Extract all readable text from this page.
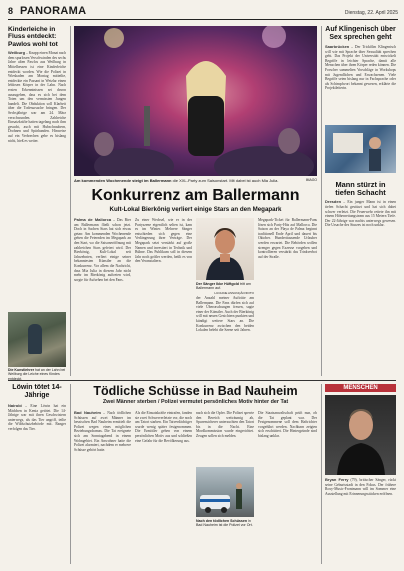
8 PANORAMA	Dienstag, 22. April 2025
Kinderleiche in Fluss entdeckt: Pawlos wohl tot
Weilburg – Knapp einen Monat nach dem spurlosen Verschwinden des sechs Jahre alten Pawlos aus Weilburg in Mittelhessen ist eine Kinderleiche entdeckt worden. Wie die Polizei in Wiesbaden am Montag mitteilte, entdeckte ein Passant in Wetzlar einen leblosen Körper in der Lahn. Nach ersten Erkenntnissen sei davon auszugehen, dass es sich bei dem Toten um den vermissten Jungen handelt. Die Obduktion soll Klarheit über die Todesursache bringen. Der Sechsjährige war am 24. März verschwunden. Zahlreiche Einsatzkräfte hatten tagelang nach ihm gesucht, auch mit Hubschraubern, Drohnen und Spürhunden. Hinweise auf ein Verbrechen gebe es bislang nicht, hieß es weiter.
Die Kunstlehrer hat an der Lahn bei Weilburg die Leiche eines Kindes entdeckt.
Am kommenden Wochenende steigt im Ballermann die XXL-Party zum Saisonstart. Mit dabei ist auch Mia Julia.	IMAGO
Konkurrenz am Ballermann
Kult-Lokal Bierkönig verliert einige Stars an den Megapark
Palma de Mallorca – Das Bier am Ballermann fließt schon jetzt. Doch in Sachen Stars hat sich etwas getan: Am kommenden Wochenende gehen die Feiernden im Megapark an den Start, wo die Saisoneröffnung mit zahlreichen Stars gefeiert wird. Der Bierkönig, Kult-Lokal seit Jahrzehnten, verliert einige seiner bekanntesten Künstler an die Konkurrenz. Vor allem die Nachricht, dass Mia Julia in diesem Jahr nicht mehr im Bierkönig auftreten wird, sorgte für Aufsehen bei den Fans.
Zu einer Wechsel, wie er in der Partyszene eigentlich selten ist, kam es im Winter. Mehrere Sänger entschieden sich gegen eine Verlängerung ihrer Verträge. Der Megapark setzt verstärkt auf große Namen und investiert in Technik und Bühne. Das Publikum soll in diesem Jahr noch größer werden, heißt es von den Veranstaltern.
Der Sänger Ikke Hüftgold tritt am Ballermann auf.
LUCIANE ASSUNÇÃO/FOTO
der Anzahl meiner Auftritte am Ballermann. Die Fans dürfen sich auf viele Überraschungen freuen, sagte einer der Künstler. Auch der Bierkönig will mit neuen Gesichtern punkten und kündigt weitere Stars an. Die Konkurrenz zwischen den beiden Lokalen belebt die Szene seit Jahren.
Megapark-Ticket für Ballermann-Fans lösen sich Party-Hits auf Mallorca. Die Saison an der Playa de Palma beginnt traditionell Ende April und dauert bis Oktober. Hunderttausende Urlauber werden erwartet. Die Behörden wollen strenger gegen Exzesse vorgehen und kontrollieren verstärkt das Trinkverbot auf der Straße.
Auf Klingenisch über Sex sprechen geht
Saarbrücken – Der Trickfilm Klingenisch will wie mit Sprache über Sexualität sprechen geht. Das Projekt der Universität entwickelt Begriffe in leichter Sprache, damit alle Menschen über ihren Körper reden können. Die Forscher sammelten Vorschläge in Workshops mit Jugendlichen und Erwachsenen. Viele Begriffe seien bislang nur in Fachsprache oder als Schimpfwort bekannt gewesen, erklärte die Projektleiterin.
Mann stürzt in tiefen Schacht
Dresden – Ein junger Mann ist in einen tiefen Schacht gestürzt und hat sich dabei schwer verletzt. Die Feuerwehr rettete ihn mit einem Höhenrettungsteam aus 15 Metern Tiefe. Der 22-Jährige war nachts unterwegs gewesen. Die Ursache des Sturzes ist noch unklar.
Löwin tötet 14-Jährige
Nairobi – Eine Löwin hat ein Mädchen in Kenia getötet. Die 14-Jährige war mit ihren Geschwistern unterwegs, als das Tier angriff, teilte die Wildschutzbehörde mit. Ranger verfolgen das Tier.
Tödliche Schüsse in Bad Nauheim
Zwei Männer sterben / Polizei vermutet persönliches Motiv hinter der Tat
Bad Nauheim – Nach tödlichen Schüssen auf zwei Männer im hessischen Bad Nauheim ermittelt die Polizei wegen eines möglichen Beziehungsdramas. Die Tat ereignete sich am Sonntagabend in einem Wohngebiet. Ein Anwohner hatte die Polizei alarmiert, nachdem er mehrere Schüsse gehört hatte.
Als die Einsatzkräfte eintrafen, fanden sie zwei Schwerverletzte vor, die noch am Tatort starben. Ein Tatverdächtiger wurde wenig später festgenommen. Die Ermittler gehen von einem persönlichen Motiv aus und schließen eine Gefahr für die Bevölkerung aus.
nach sich die Opfer. Die Polizei sperrte den Bereich weiträumig ab, Spurensicherer untersuchten den Tatort bis in die Nacht. Eine Mordkommission wurde eingerichtet. Zeugen sollen sich melden.
Nach den tödlichen Schüssen in Bad Nauheim ist die Polizei vor Ort.
Die Staatsanwaltschaft prüft nun, ob die Tat geplant war. Der Festgenommene soll dem Haftrichter vorgeführt werden. Nachbarn zeigten sich erschüttert. Die Hintergründe sind bislang unklar.
MENSCHEN
Bryan Ferry (79), britischer Sänger, rückt seine Geburtsstadt in den Fokus. Der frühere Roxy-Music-Frontmann will im Sommer eine Ausstellung mit Erinnerungsstücken eröffnen.
